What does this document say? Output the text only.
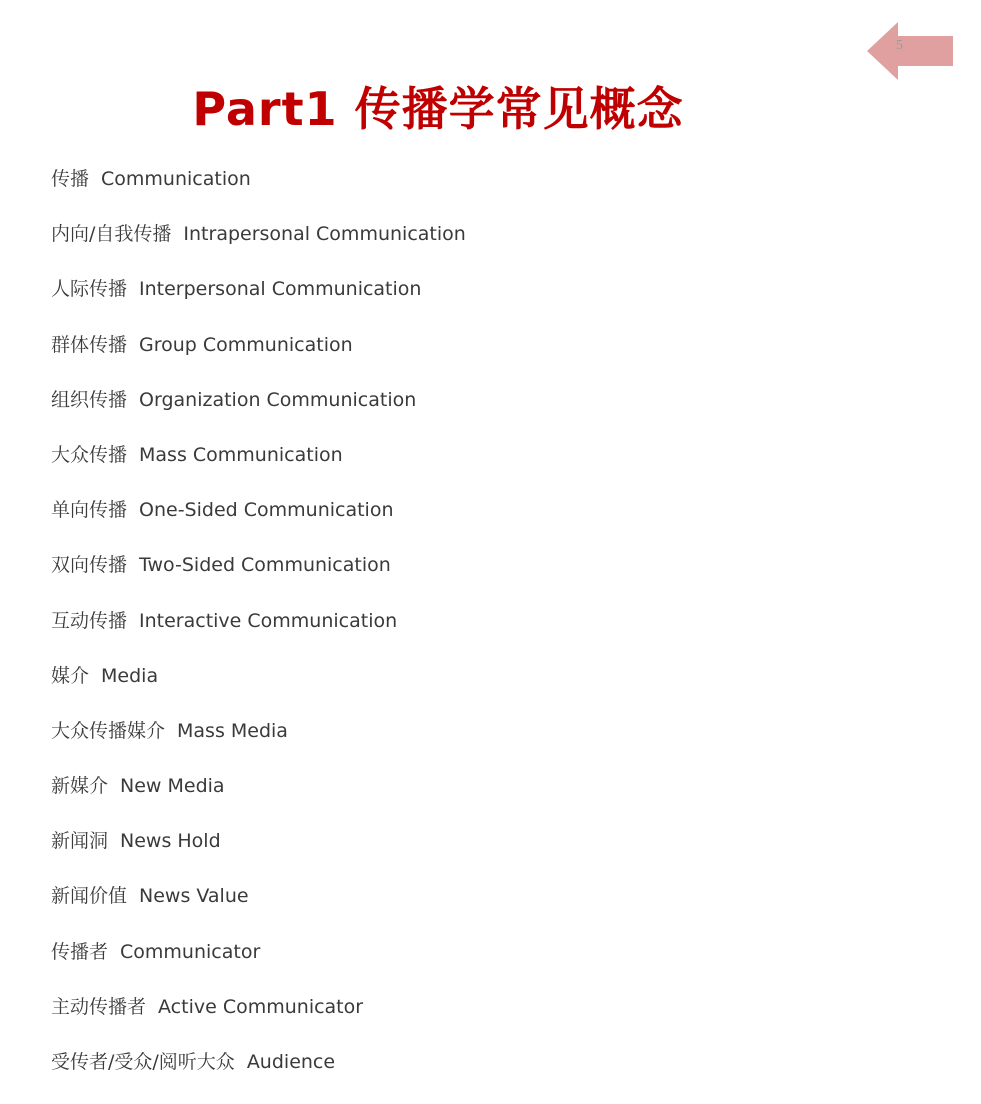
5
Part1 传播学常见概念
传播 Communication
内向/自我传播 Intrapersonal Communication
人际传播 Interpersonal Communication
群体传播 Group Communication
组织传播 Organization Communication
大众传播 Mass Communication
单向传播 One-Sided Communication
双向传播 Two-Sided Communication
互动传播 Interactive Communication
媒介 Media
大众传播媒介 Mass Media
新媒介 New Media
新闻洞 News Hold
新闻价值 News Value
传播者 Communicator
主动传播者 Active Communicator
受传者/受众/阅听大众 Audience
